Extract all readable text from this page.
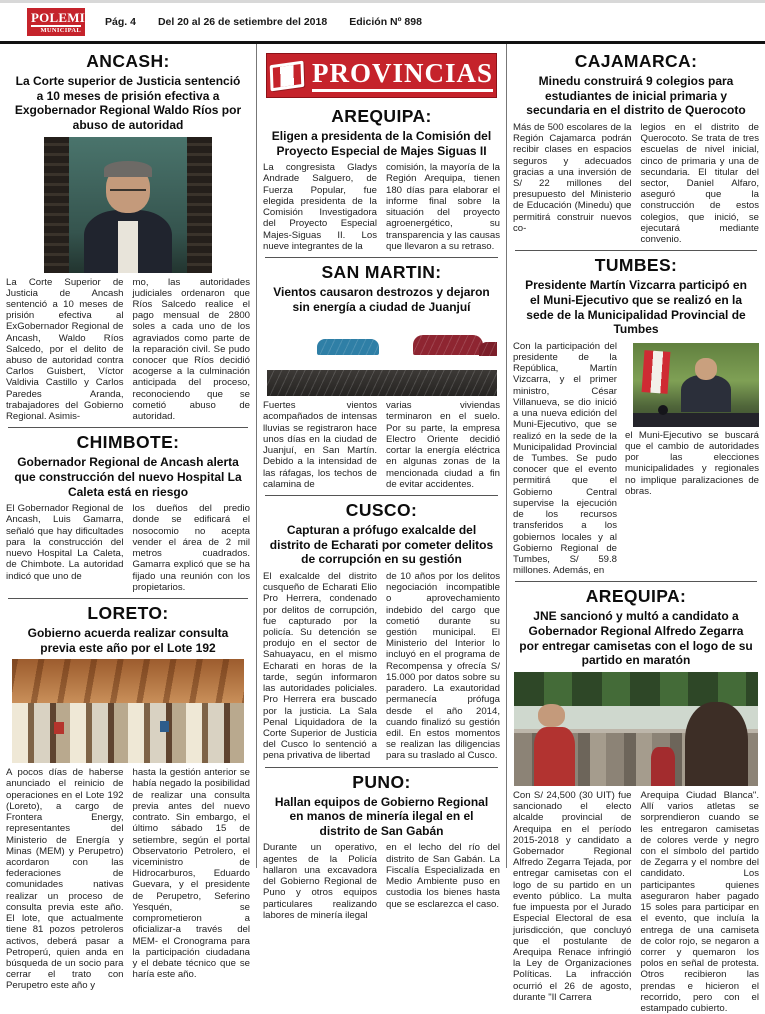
POLEMICA
MUNICIPAL
Pág. 4 Del 20 al 26 de setiembre del 2018 Edición Nº 898
ANCASH:
La Corte superior de Justicia sentenció a 10 meses de prisión efectiva a Exgobernador Regional Waldo Ríos por abuso de autoridad
La Corte Superior de Justicia de Ancash sentenció a 10 meses de prisión efectiva al ExGobernador Regional de Ancash, Waldo Ríos Salcedo, por el delito de abuso de autoridad contra Carlos Guisbert, Víctor Valdivia Castillo y Carlos Paredes Aranda, trabajadores del Gobierno Regional. Asimis-
mo, las autoridades judiciales ordenaron que Ríos Salcedo realice el pago mensual de 2800 soles a cada uno de los agraviados como parte de la reparación civil. Se pudo conocer que Ríos decidió acogerse a la culminación anticipada del proceso, reconociendo que se cometió abuso de autoridad.
CHIMBOTE:
Gobernador Regional de Ancash alerta que construcción del nuevo Hospital La Caleta está en riesgo
El Gobernador Regional de Ancash, Luis Gamarra, señaló que hay dificultades para la construcción del nuevo Hospital La Caleta, de Chimbote. La autoridad indicó que uno de
los dueños del predio donde se edificará el nosocomio no acepta vender el área de 2 mil metros cuadrados. Gamarra explicó que se ha fijado una reunión con los propietarios.
LORETO:
Gobierno acuerda realizar consulta previa este año por el Lote 192
A pocos días de haberse anunciado el reinicio de operaciones en el Lote 192 (Loreto), a cargo de Frontera Energy, representantes del Ministerio de Energía y Minas (MEM) y Perupetro) acordaron con las federaciones de comunidades nativas realizar un proceso de consulta previa este año. El lote, que actualmente tiene 81 pozos petroleros activos, deberá pasar a Petroperú, quien anda en búsqueda de un socio para cerrar el trato con Perupetro este año y
hasta la gestión anterior se había negado la posibilidad de realizar una consulta previa antes del nuevo contrato. Sin embargo, el último sábado 15 de setiembre, según el portal Observatorio Petrolero, el viceministro de Hidrocarburos, Eduardo Guevara, y el presidente de Perupetro, Seferino Yesquén, se comprometieron a oficializar-a través del MEM- el Cronograma para la participación ciudadana y el debate técnico que se haría este año.
PROVINCIAS
AREQUIPA:
Eligen a presidenta de la Comisión del Proyecto Especial de Majes Siguas II
La congresista Gladys Andrade Salguero, de Fuerza Popular, fue elegida presidenta de la Comisión Investigadora del Proyecto Especial Majes-Siguas II. Los nueve integrantes de la
comisión, la mayoría de la Región Arequipa, tienen 180 días para elaborar el informe final sobre la situación del proyecto agroenergético, su transparencia y las causas que llevaron a su retraso.
SAN MARTIN:
Vientos causaron destrozos y dejaron sin energía a ciudad de Juanjuí
Fuertes vientos acompañados de intensas lluvias se registraron hace unos días en la ciudad de Juanjuí, en San Martín. Debido a la intensidad de las ráfagas, los techos de calamina de
varias viviendas terminaron en el suelo. Por su parte, la empresa Electro Oriente decidió cortar la energía eléctrica en algunas zonas de la mencionada ciudad a fin de evitar accidentes.
CUSCO:
Capturan a prófugo exalcalde del distrito de Echarati por cometer delitos de corrupción en su gestión
El exalcalde del distrito cusqueño de Echarati Elio Pro Herrera, condenado por delitos de corrupción, fue capturado por la policía. Su detención se produjo en el sector de Sahuayacu, en el mismo Echarati en horas de la tarde, según informaron las autoridades policiales. Pro Herrera era buscado por la justicia. La Sala Penal Liquidadora de la Corte Superior de Justicia del Cusco lo sentenció a pena privativa de libertad
de 10 años por los delitos negociación incompatible o aprovechamiento indebido del cargo que cometió durante su gestión municipal. El Ministerio del Interior lo incluyó en el programa de Recompensa y ofrecía S/ 15.000 por datos sobre su paradero. La exautoridad permanecía prófuga desde el año 2014, cuando finalizó su gestión edil. En estos momentos se realizan las diligencias para su traslado al Cusco.
PUNO:
Hallan equipos de Gobierno Regional en manos de minería ilegal en el distrito de San Gabán
Durante un operativo, agentes de la Policía hallaron una excavadora del Gobierno Regional de Puno y otros equipos particulares realizando labores de minería ilegal
en el lecho del río del distrito de San Gabán. La Fiscalía Especializada en Medio Ambiente puso en custodia los bienes hasta que se esclarezca el caso.
CAJAMARCA:
Minedu construirá 9 colegios para estudiantes de inicial primaria y secundaria en el distrito de Querocoto
Más de 500 escolares de la Región Cajamarca podrán recibir clases en espacios seguros y adecuados gracias a una inversión de S/ 22 millones del presupuesto del Ministerio de Educación (Minedu) que permitirá construir nuevos co-
legios en el distrito de Querocoto. Se trata de tres escuelas de nivel inicial, cinco de primaria y una de secundaria. El titular del sector, Daniel Alfaro, aseguró que la construcción de estos colegios, que inició, se ejecutará mediante convenio.
TUMBES:
Presidente Martín Vizcarra participó en el Muni-Ejecutivo que se realizó en la sede de la Municipalidad Provincial de Tumbes
Con la participación del presidente de la República, Martín Vizcarra, y el primer ministro, César Villanueva, se dio inició a una nueva edición del Muni-Ejecutivo, que se realizó en la sede de la Municipalidad Provincial de Tumbes. Se pudo conocer que el evento permitirá que el Gobierno Central supervise la ejecución de los recursos transferidos a los gobiernos locales y al Gobierno Regional de Tumbes, S/ 59.8 millones. Además, en
el Muni-Ejecutivo se buscará que el cambio de autoridades por las elecciones municipalidades y regionales no implique paralizaciones de obras.
AREQUIPA:
JNE sancionó y multó a candidato a Gobernador Regional Alfredo Zegarra por entregar camisetas con el logo de su partido en maratón
Con S/ 24,500 (30 UIT) fue sancionado el electo alcalde provincial de Arequipa en el período 2015-2018 y candidato a Gobernador Regional Alfredo Zegarra Tejada, por entregar camisetas con el logo de su partido en un evento público. La multa fue impuesta por el Jurado Especial Electoral de esa jurisdicción, que concluyó que el postulante de Arequipa Renace infringió la Ley de Organizaciones Políticas. La infracción ocurrió el 26 de agosto, durante "Il Carrera
Arequipa Ciudad Blanca". Allí varios atletas se sorprendieron cuando se les entregaron camisetas de colores verde y negro con el símbolo del partido de Zegarra y el nombre del candidato. Los participantes quienes aseguraron haber pagado 15 soles para participar en el evento, que incluía la entrega de una camiseta de color rojo, se negaron a correr y quemaron los polos en señal de protesta. Otros recibieron las prendas e hicieron el recorrido, pero con el estampado cubierto.
